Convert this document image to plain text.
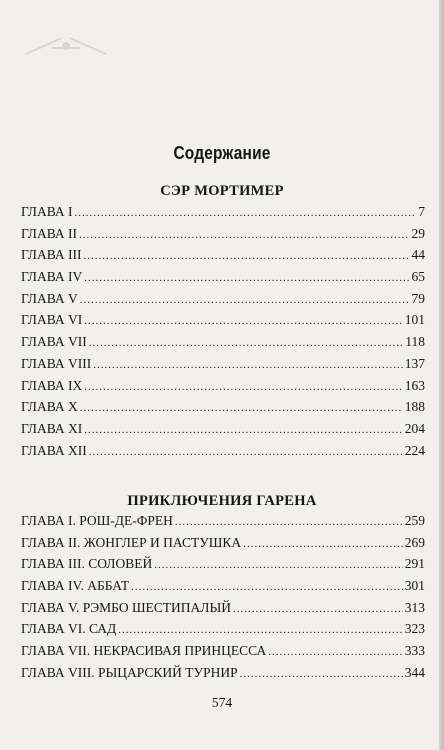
Содержание
СЭР МОРТИМЕР
ГЛАВА I .....	7
ГЛАВА II .....	29
ГЛАВА III .....	44
ГЛАВА IV .....	65
ГЛАВА V .....	79
ГЛАВА VI .....	101
ГЛАВА VII .....	118
ГЛАВА VIII .....	137
ГЛАВА IX .....	163
ГЛАВА X .....	188
ГЛАВА XI .....	204
ГЛАВА XII .....	224
ПРИКЛЮЧЕНИЯ ГАРЕНА
ГЛАВА I. РОШ-ДЕ-ФРЕН .....	259
ГЛАВА II. ЖОНГЛЕР И ПАСТУШКА .....	269
ГЛАВА III. СОЛОВЕЙ .....	291
ГЛАВА IV. АББАТ .....	301
ГЛАВА V. РЭМБО ШЕСТИПАЛЫЙ .....	313
ГЛАВА VI. САД .....	323
ГЛАВА VII. НЕКРАСИВАЯ ПРИНЦЕССА .....	333
ГЛАВА VIII. РЫЦАРСКИЙ ТУРНИР .....	344
574
